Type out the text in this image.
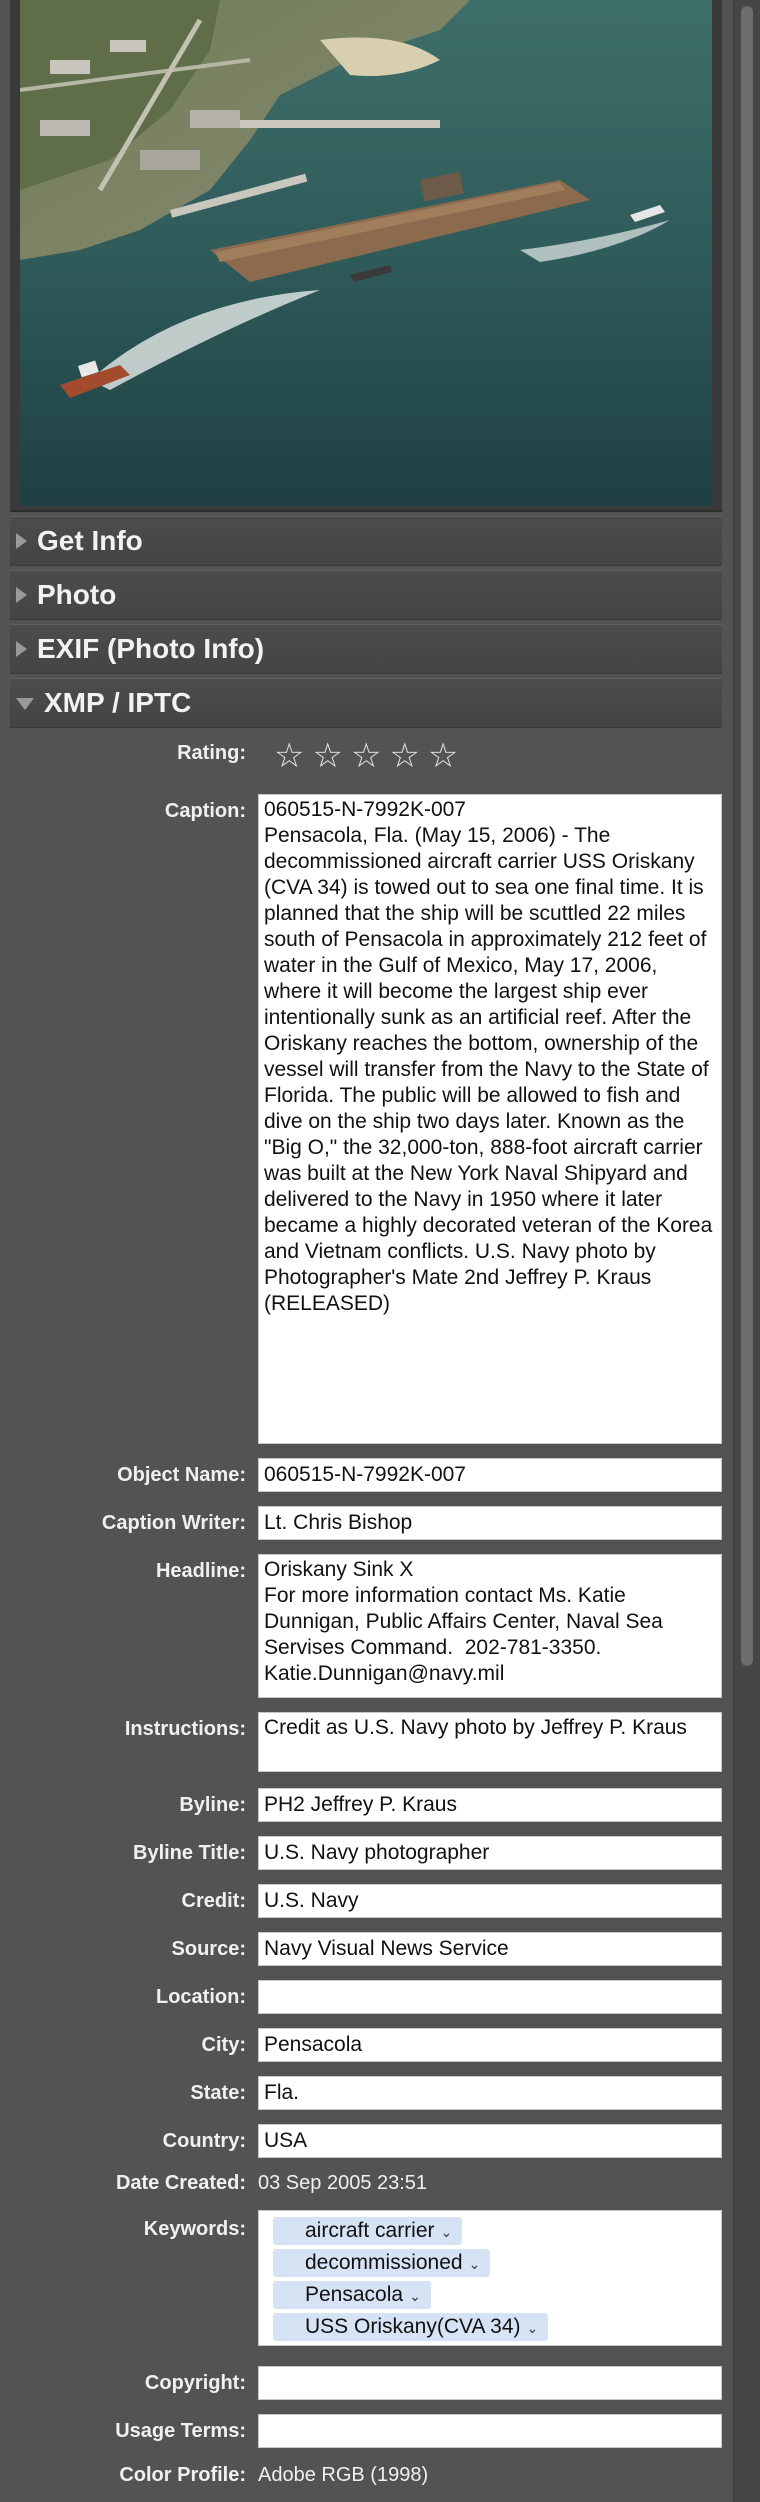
Get Info
Photo
EXIF (Photo Info)
XMP / IPTC
Rating: ☆☆☆☆☆
Caption: 060515-N-7992K-007
Pensacola, Fla. (May 15, 2006) - The decommissioned aircraft carrier USS Oriskany (CVA 34) is towed out to sea one final time. It is planned that the ship will be scuttled 22 miles south of Pensacola in approximately 212 feet of water in the Gulf of Mexico, May 17, 2006, where it will become the largest ship ever intentionally sunk as an artificial reef. After the Oriskany reaches the bottom, ownership of the vessel will transfer from the Navy to the State of Florida. The public will be allowed to fish and dive on the ship two days later. Known as the "Big O," the 32,000-ton, 888-foot aircraft carrier was built at the New York Naval Shipyard and delivered to the Navy in 1950 where it later became a highly decorated veteran of the Korea and Vietnam conflicts. U.S. Navy photo by Photographer's Mate 2nd Jeffrey P. Kraus (RELEASED)
Object Name: 060515-N-7992K-007
Caption Writer: Lt. Chris Bishop
Headline: Oriskany Sink X
For more information contact Ms. Katie Dunnigan, Public Affairs Center, Naval Sea Servises Command.  202-781-3350. Katie.Dunnigan@navy.mil
Instructions: Credit as U.S. Navy photo by Jeffrey P. Kraus
Byline: PH2 Jeffrey P. Kraus
Byline Title: U.S. Navy photographer
Credit: U.S. Navy
Source: Navy Visual News Service
Location:
City: Pensacola
State: Fla.
Country: USA
Date Created: 03 Sep 2005 23:51
Keywords:	aircraft carrier ⌄
decommissioned ⌄
Pensacola ⌄
USS Oriskany(CVA 34) ⌄
Copyright:
Usage Terms:
Color Profile: Adobe RGB (1998)
